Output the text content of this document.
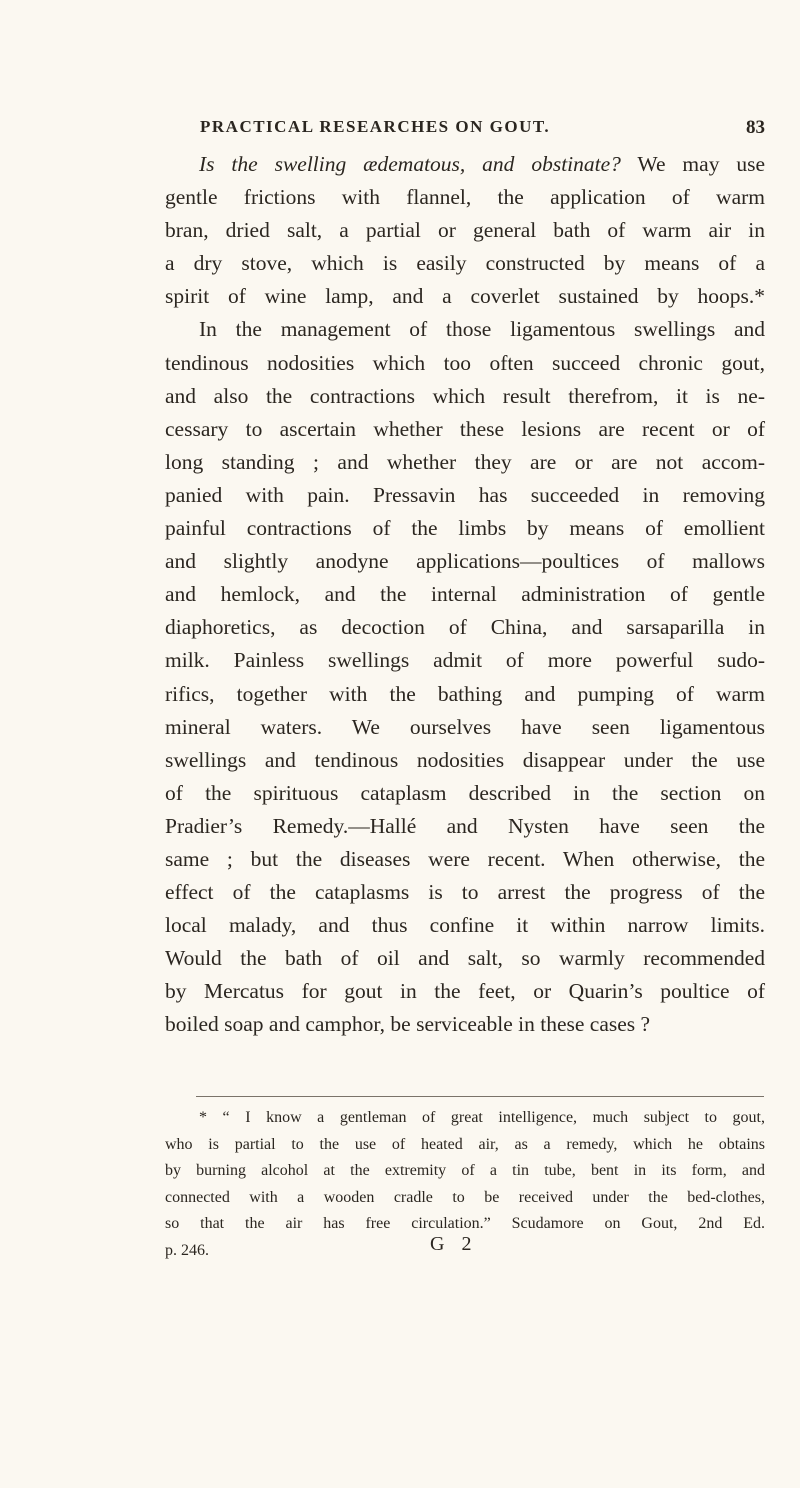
PRACTICAL RESEARCHES ON GOUT.	83
Is the swelling ædematous, and obstinate? We may use
gentle frictions with flannel, the application of warm
bran, dried salt, a partial or general bath of warm air in
a dry stove, which is easily constructed by means of a
spirit of wine lamp, and a coverlet sustained by hoops.*
In the management of those ligamentous swellings and
tendinous nodosities which too often succeed chronic gout,
and also the contractions which result therefrom, it is ne-
cessary to ascertain whether these lesions are recent or of
long standing ; and whether they are or are not accom-
panied with pain. Pressavin has succeeded in removing
painful contractions of the limbs by means of emollient
and slightly anodyne applications—poultices of mallows
and hemlock, and the internal administration of gentle
diaphoretics, as decoction of China, and sarsaparilla in
milk. Painless swellings admit of more powerful sudo-
rifics, together with the bathing and pumping of warm
mineral waters. We ourselves have seen ligamentous
swellings and tendinous nodosities disappear under the use
of the spirituous cataplasm described in the section on
Pradier’s Remedy.—Hallé and Nysten have seen the
same ; but the diseases were recent. When otherwise, the
effect of the cataplasms is to arrest the progress of the
local malady, and thus confine it within narrow limits.
Would the bath of oil and salt, so warmly recommended
by Mercatus for gout in the feet, or Quarin’s poultice of
boiled soap and camphor, be serviceable in these cases ?
* “ I know a gentleman of great intelligence, much subject to gout,
who is partial to the use of heated air, as a remedy, which he obtains
by burning alcohol at the extremity of a tin tube, bent in its form, and
connected with a wooden cradle to be received under the bed-clothes,
so that the air has free circulation.” Scudamore on Gout, 2nd Ed.
p. 246.	G 2
